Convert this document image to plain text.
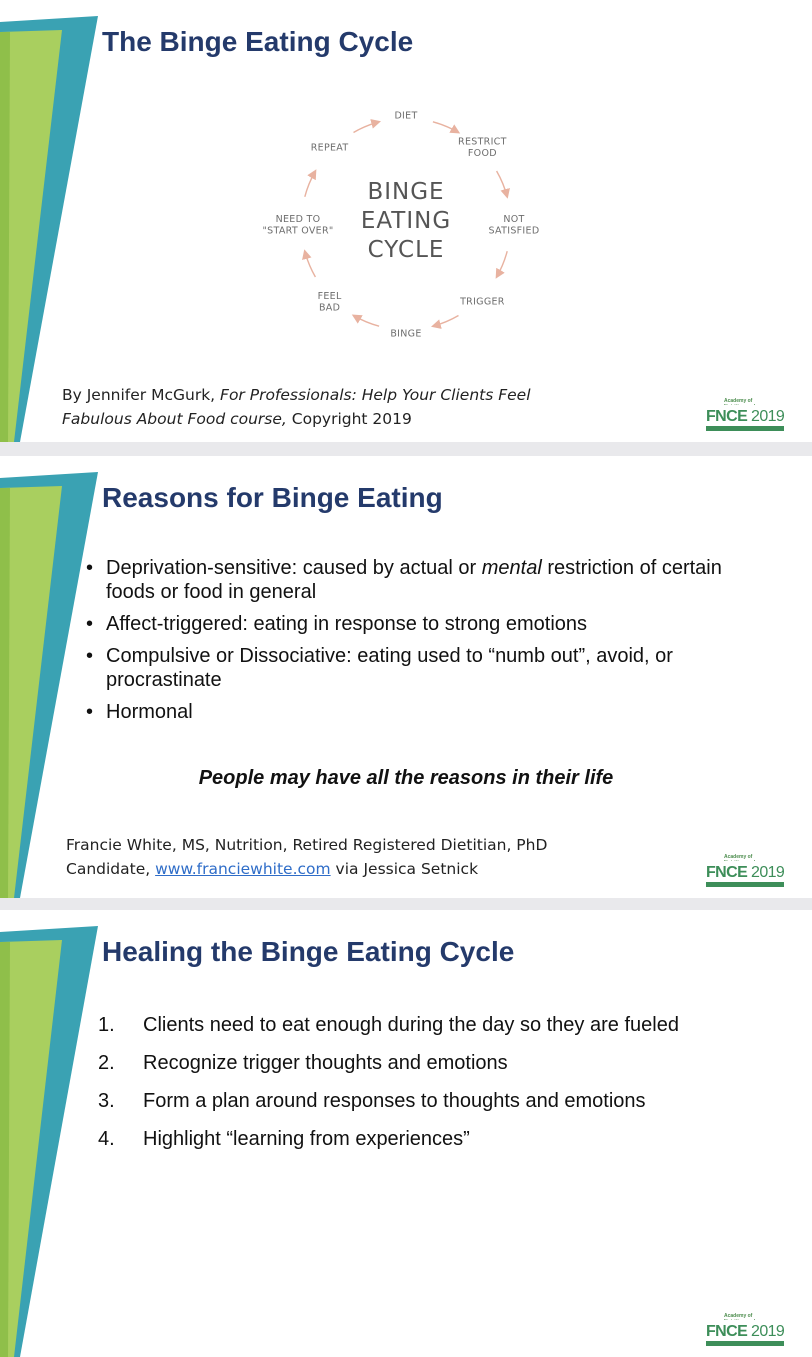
The Binge Eating Cycle
DIET
RESTRICT FOOD
NOT SATISFIED
TRIGGER
BINGE
FEEL BAD
NEED TO "START OVER"
REPEAT
BINGE
EATING
CYCLE

By Jennifer McGurk, For Professionals: Help Your Clients Feel
Fabulous About Food course, Copyright 2019

Academy of
FNCE 2019
Reasons for Binge Eating
• Deprivation-sensitive: caused by actual or mental restriction of certain foods or food in general
• Affect-triggered: eating in response to strong emotions
• Compulsive or Dissociative: eating used to “numb out”, avoid, or procrastinate
• Hormonal

People may have all the reasons in their life

Francie White, MS, Nutrition, Retired Registered Dietitian, PhD
Candidate, www.franciewhite.com via Jessica Setnick

Academy of
FNCE 2019
Healing the Binge Eating Cycle
1. Clients need to eat enough during the day so they are fueled
2. Recognize trigger thoughts and emotions
3. Form a plan around responses to thoughts and emotions
4. Highlight “learning from experiences”
Academy of
FNCE 2019
